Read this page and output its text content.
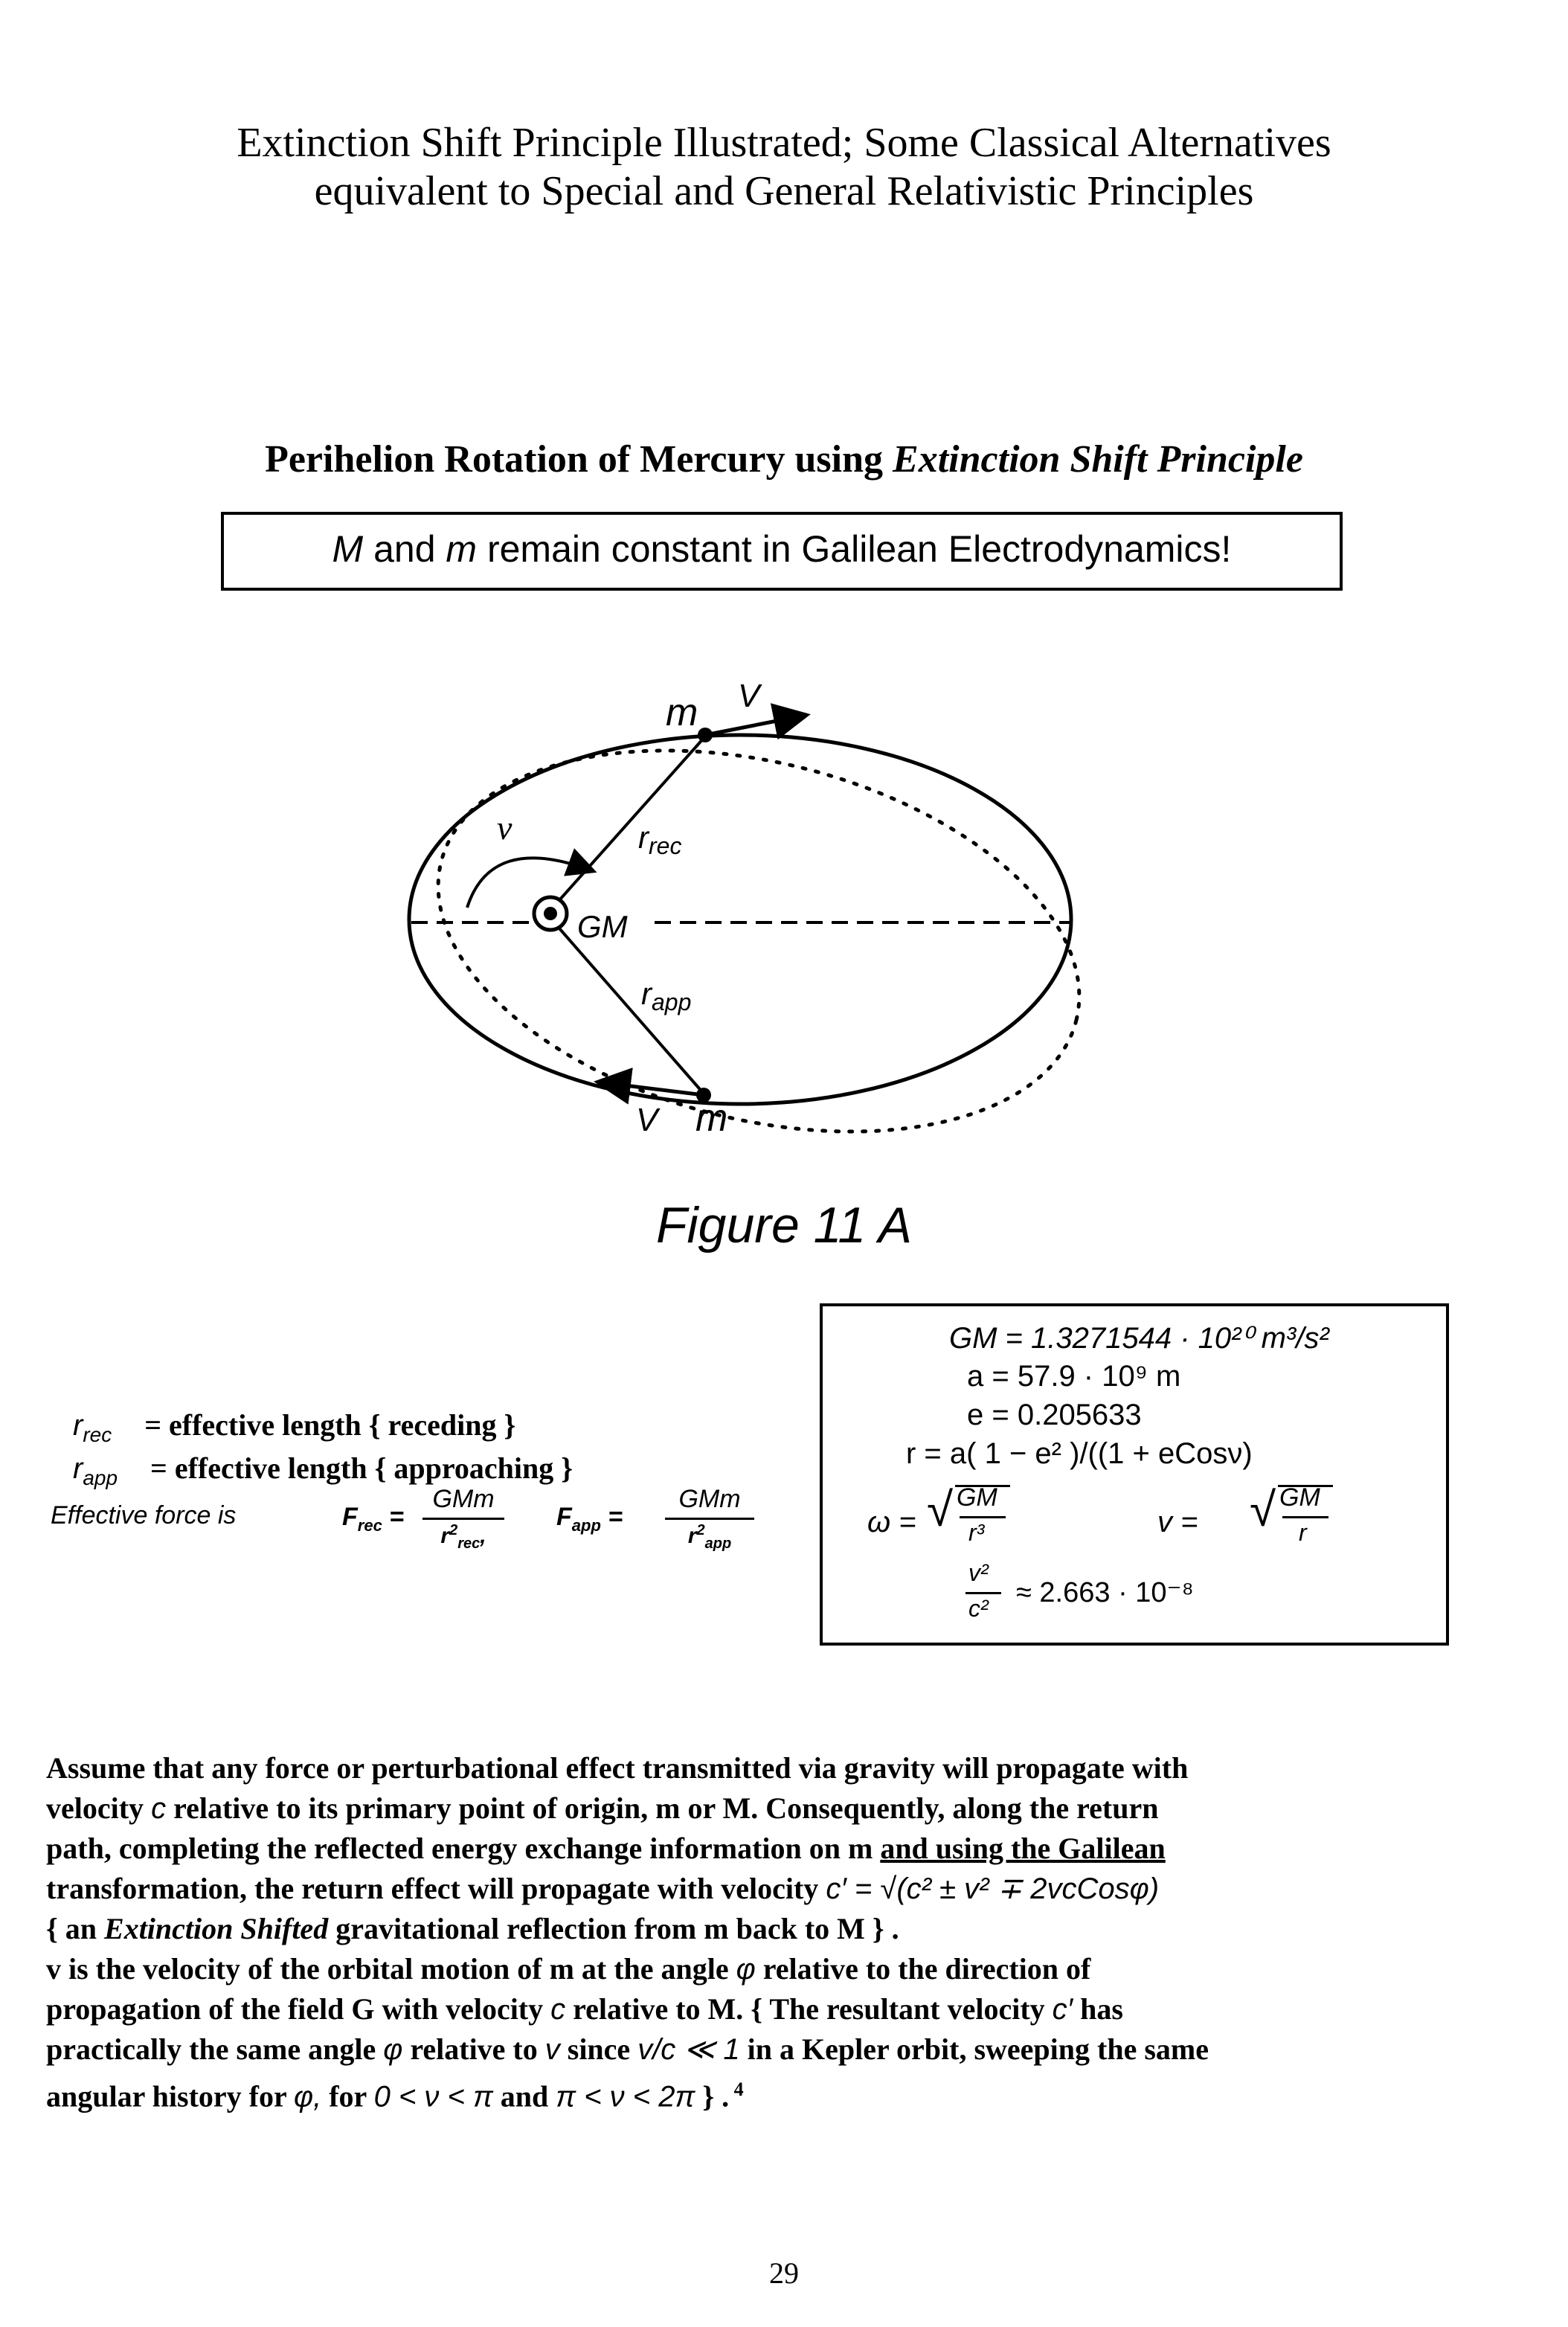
Extinction Shift Principle Illustrated; Some Classical Alternatives
equivalent to Special and General Relativistic Principles
Perihelion Rotation of Mercury using Extinction Shift Principle
M and m remain constant in Galilean Electrodynamics!
m V
ν	rrec
GM
rapp
V m
Figure 11 A
$r_{rec}$ = effective length { receding }
$r_{app}$ = effective length { approaching }
Effective force is	$F_{rec}$ =
GMm
$r^2_{rec}$,
$F_{app}$ =
GMm
$r^2_{app}$
GM = 1.3271544 · 10²⁰ m³/s²
a = 57.9 · 10⁹ m
e = 0.205633
r = a( 1 − e² )/((1 + eCosν)
ω = √ GM
r³	v = √ GM
r
v²
c² ≈ 2.663 · 10⁻⁸
Assume that any force or perturbational effect transmitted via gravity will propagate with
velocity c relative to its primary point of origin, m or M. Consequently, along the return
path, completing the reflected energy exchange information on m and using the Galilean
transformation, the return effect will propagate with velocity c′ = √(c² ± v² ∓ 2vcCosφ)
{ an Extinction Shifted gravitational reflection from m back to M } .
v is the velocity of the orbital motion of m at the angle φ relative to the direction of
propagation of the field G with velocity c relative to M. { The resultant velocity c′ has
practically the same angle φ relative to v since v/c ≪ 1 in a Kepler orbit, sweeping the same
angular history for φ, for 0 < ν < π and π < ν < 2π } . $^4$
29
